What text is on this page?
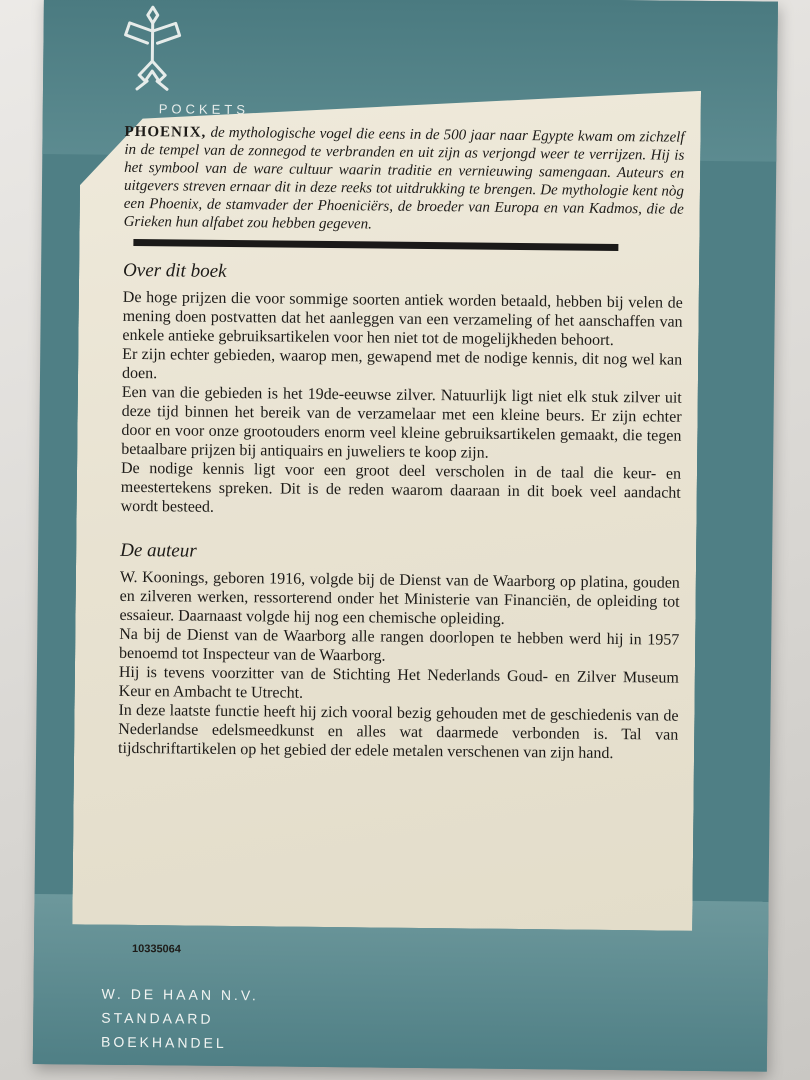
POCKETS

PHOENIX, de mythologische vogel die eens in de 500 jaar naar Egypte kwam om zichzelf in de tempel van de zonnegod te verbranden en uit zijn as verjongd weer te verrijzen. Hij is het symbool van de ware cultuur waarin traditie en vernieuwing samengaan. Auteurs en uitgevers streven ernaar dit in deze reeks tot uitdrukking te brengen. De mythologie kent nòg een Phoenix, de stamvader der Phoeniciërs, de broeder van Europa en van Kadmos, die de Grieken hun alfabet zou hebben gegeven.

Over dit boek

De hoge prijzen die voor sommige soorten antiek worden betaald, hebben bij velen de mening doen postvatten dat het aanleggen van een verzameling of het aanschaffen van enkele antieke gebruiksartikelen voor hen niet tot de mogelijkheden behoort.

Er zijn echter gebieden, waarop men, gewapend met de nodige kennis, dit nog wel kan doen.

Een van die gebieden is het 19de-eeuwse zilver. Natuurlijk ligt niet elk stuk zilver uit deze tijd binnen het bereik van de verzamelaar met een kleine beurs. Er zijn echter door en voor onze grootouders enorm veel kleine gebruiksartikelen gemaakt, die tegen betaalbare prijzen bij antiquairs en juweliers te koop zijn.

De nodige kennis ligt voor een groot deel verscholen in de taal die keur- en meestertekens spreken. Dit is de reden waarom daaraan in dit boek veel aandacht wordt besteed.

De auteur

W. Koonings, geboren 1916, volgde bij de Dienst van de Waarborg op platina, gouden en zilveren werken, ressorterend onder het Ministerie van Financiën, de opleiding tot essaieur. Daarnaast volgde hij nog een chemische opleiding.

Na bij de Dienst van de Waarborg alle rangen doorlopen te hebben werd hij in 1957 benoemd tot Inspecteur van de Waarborg.

Hij is tevens voorzitter van de Stichting Het Nederlands Goud- en Zilver Museum Keur en Ambacht te Utrecht.

In deze laatste functie heeft hij zich vooral bezig gehouden met de geschiedenis van de Nederlandse edelsmeedkunst en alles wat daarmede verbonden is. Tal van tijdschriftartikelen op het gebied der edele metalen verschenen van zijn hand.

10335064
W. DE HAAN N.V.
STANDAARD
BOEKHANDEL
